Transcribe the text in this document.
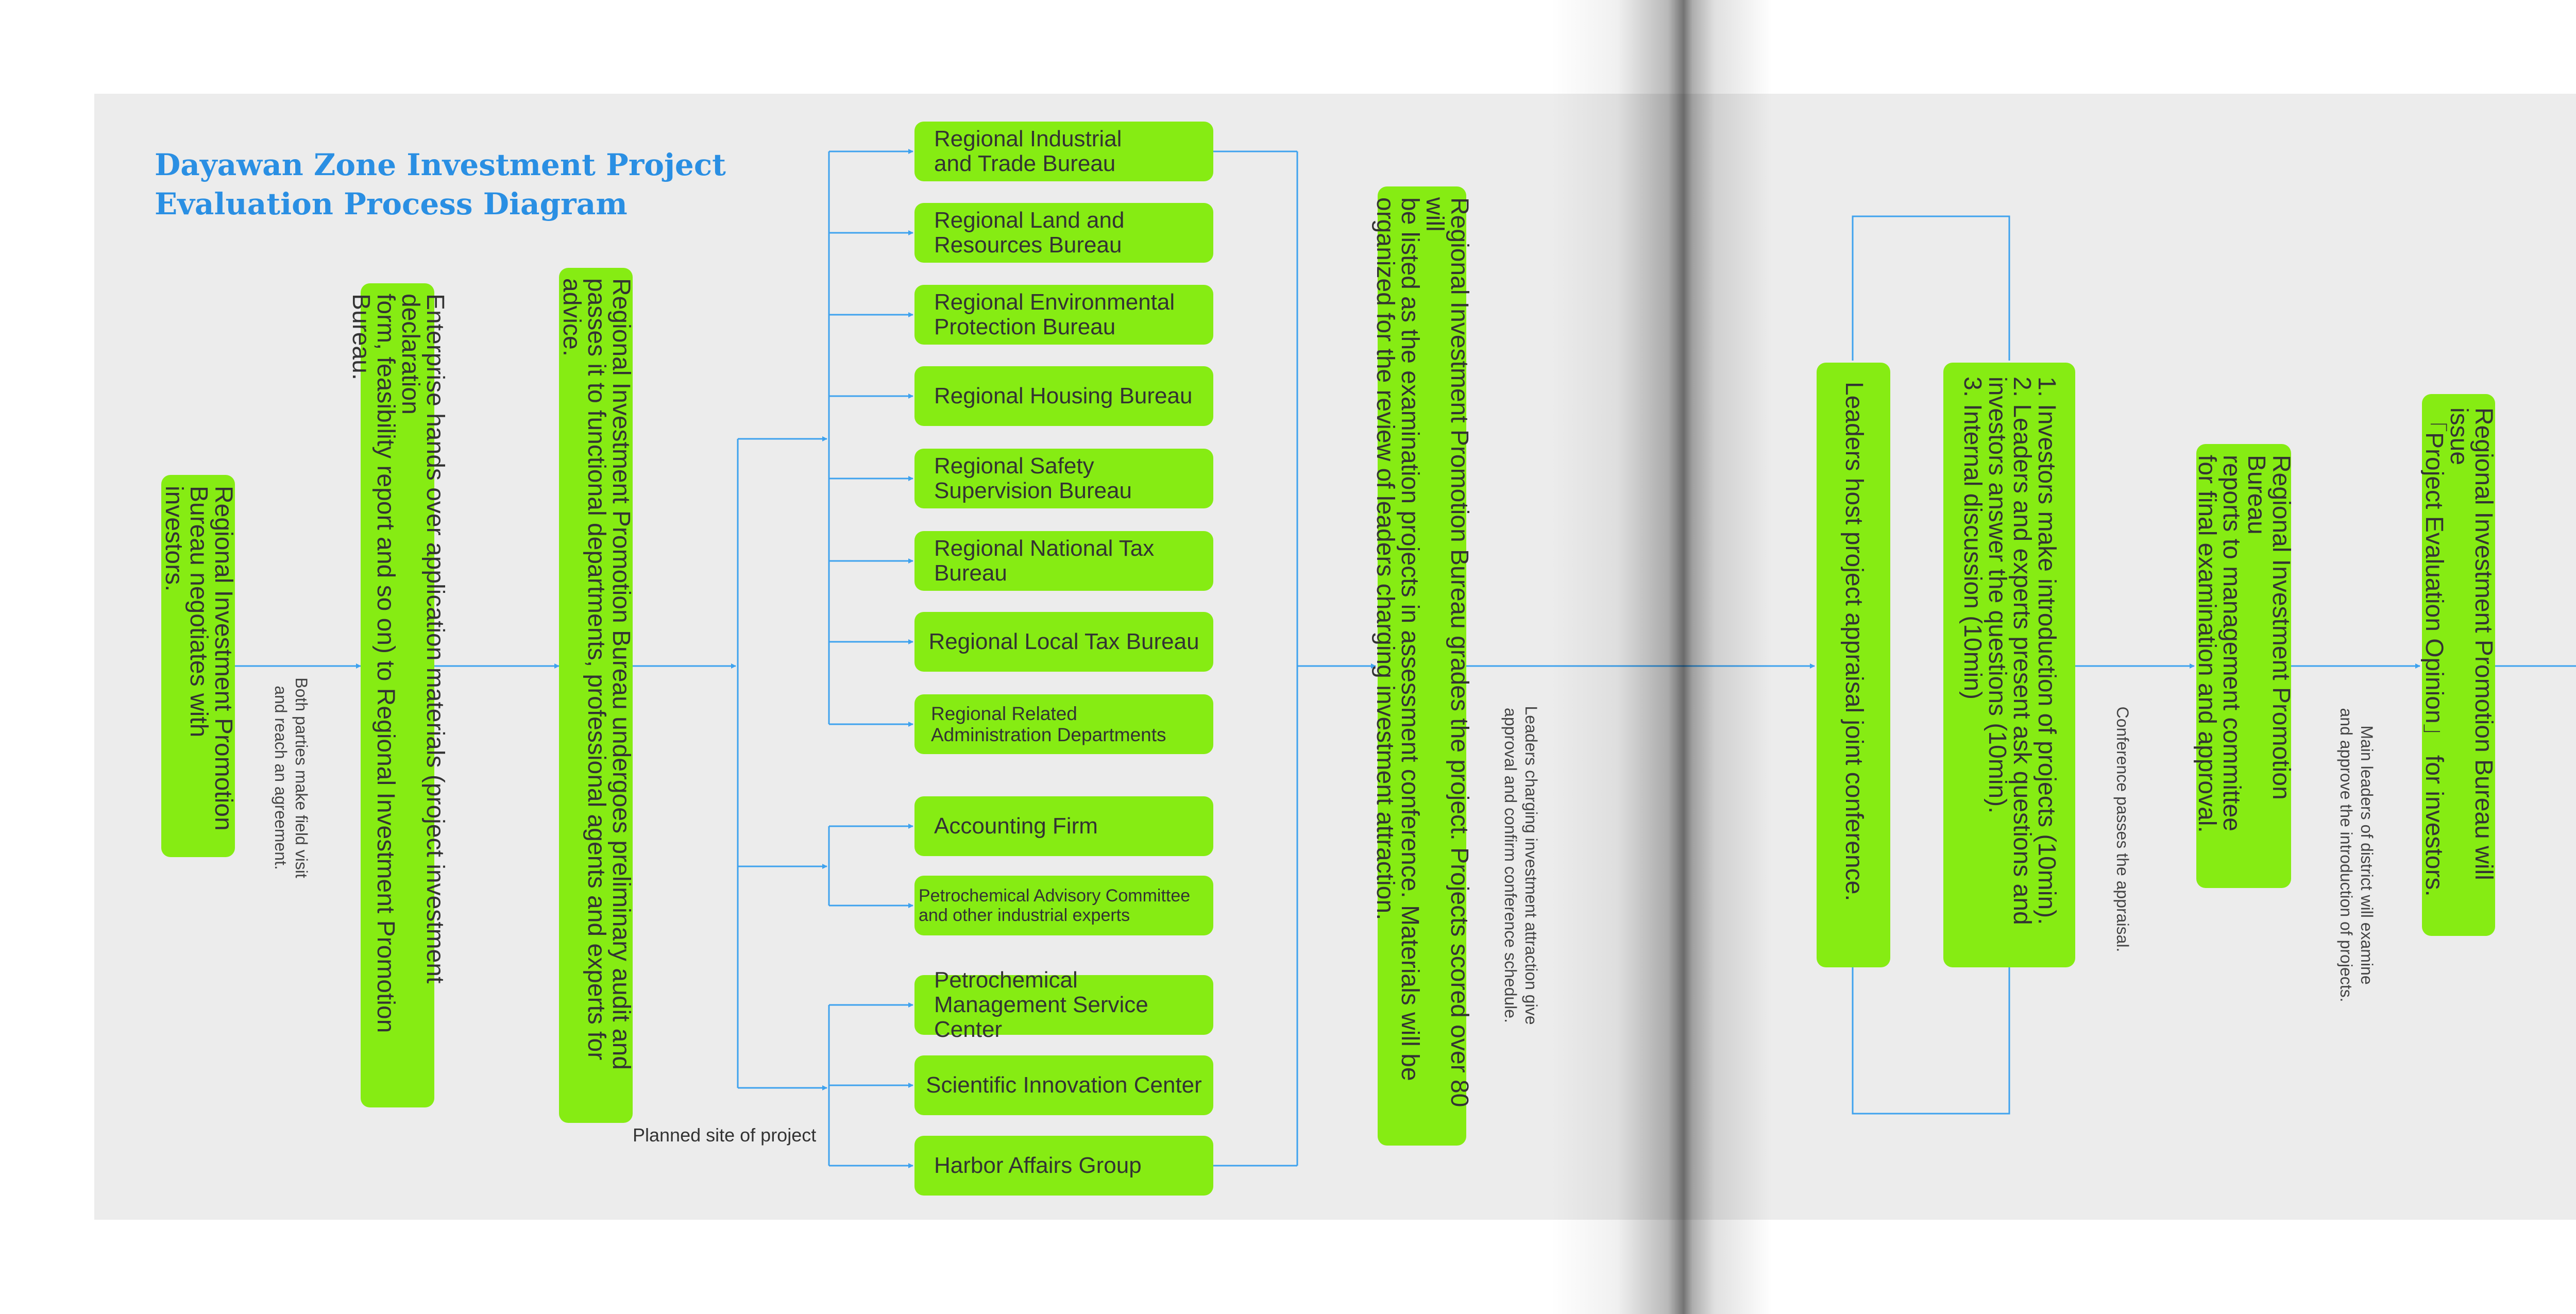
Dayawan Zone Investment Project
Evaluation Process Diagram
Regional Investment Promotion
Bureau negotiates with investors.
Enterprise hands over application materials (project investment declaration
form, feasibility report and so on) to Regional Investment Promotion Bureau.	Regional Investment Promotion Bureau undergoes preliminary audit and
passes it to functional departments, professional agents and experts for advice.
Both parties make field visit
and reach an agreement.
Regional Industrial and Trade Bureau
Regional Land and Resources Bureau
Regional Environmental Protection Bureau
Regional Housing Bureau
Regional Safety Supervision Bureau
Regional National Tax Bureau
Regional Local Tax Bureau
Regional Related Administration Departments
Accounting Firm
Petrochemical Advisory Committee and other industrial experts
Petrochemical Management Service Center
Scientific Innovation Center
Harbor Affairs Group
Planned site of project
Regional Investment Promotion Bureau grades the project. Projects scored over 80 will
be listed as the examination projects in assessment conference. Materials will be
organized for the review of leaders charging investment attraction.
Leaders charging investment attraction give
approval and confirm conference schedule.
Leaders host project appraisal joint conference.	1. Investors make introduction of projects (10min).
2. Leaders and experts present ask questions and
investors answer the questions (10min).
3. Internal discussion (10min)
Conference passes the appraisal.
Regional Investment Promotion Bureau
reports to management committee
for final examination and approval.	Main leaders of district will examine
and approve the introduction of projects.
Regional Investment Promotion Bureau will issue
「Project Evaluation Opinion」 for investors.
